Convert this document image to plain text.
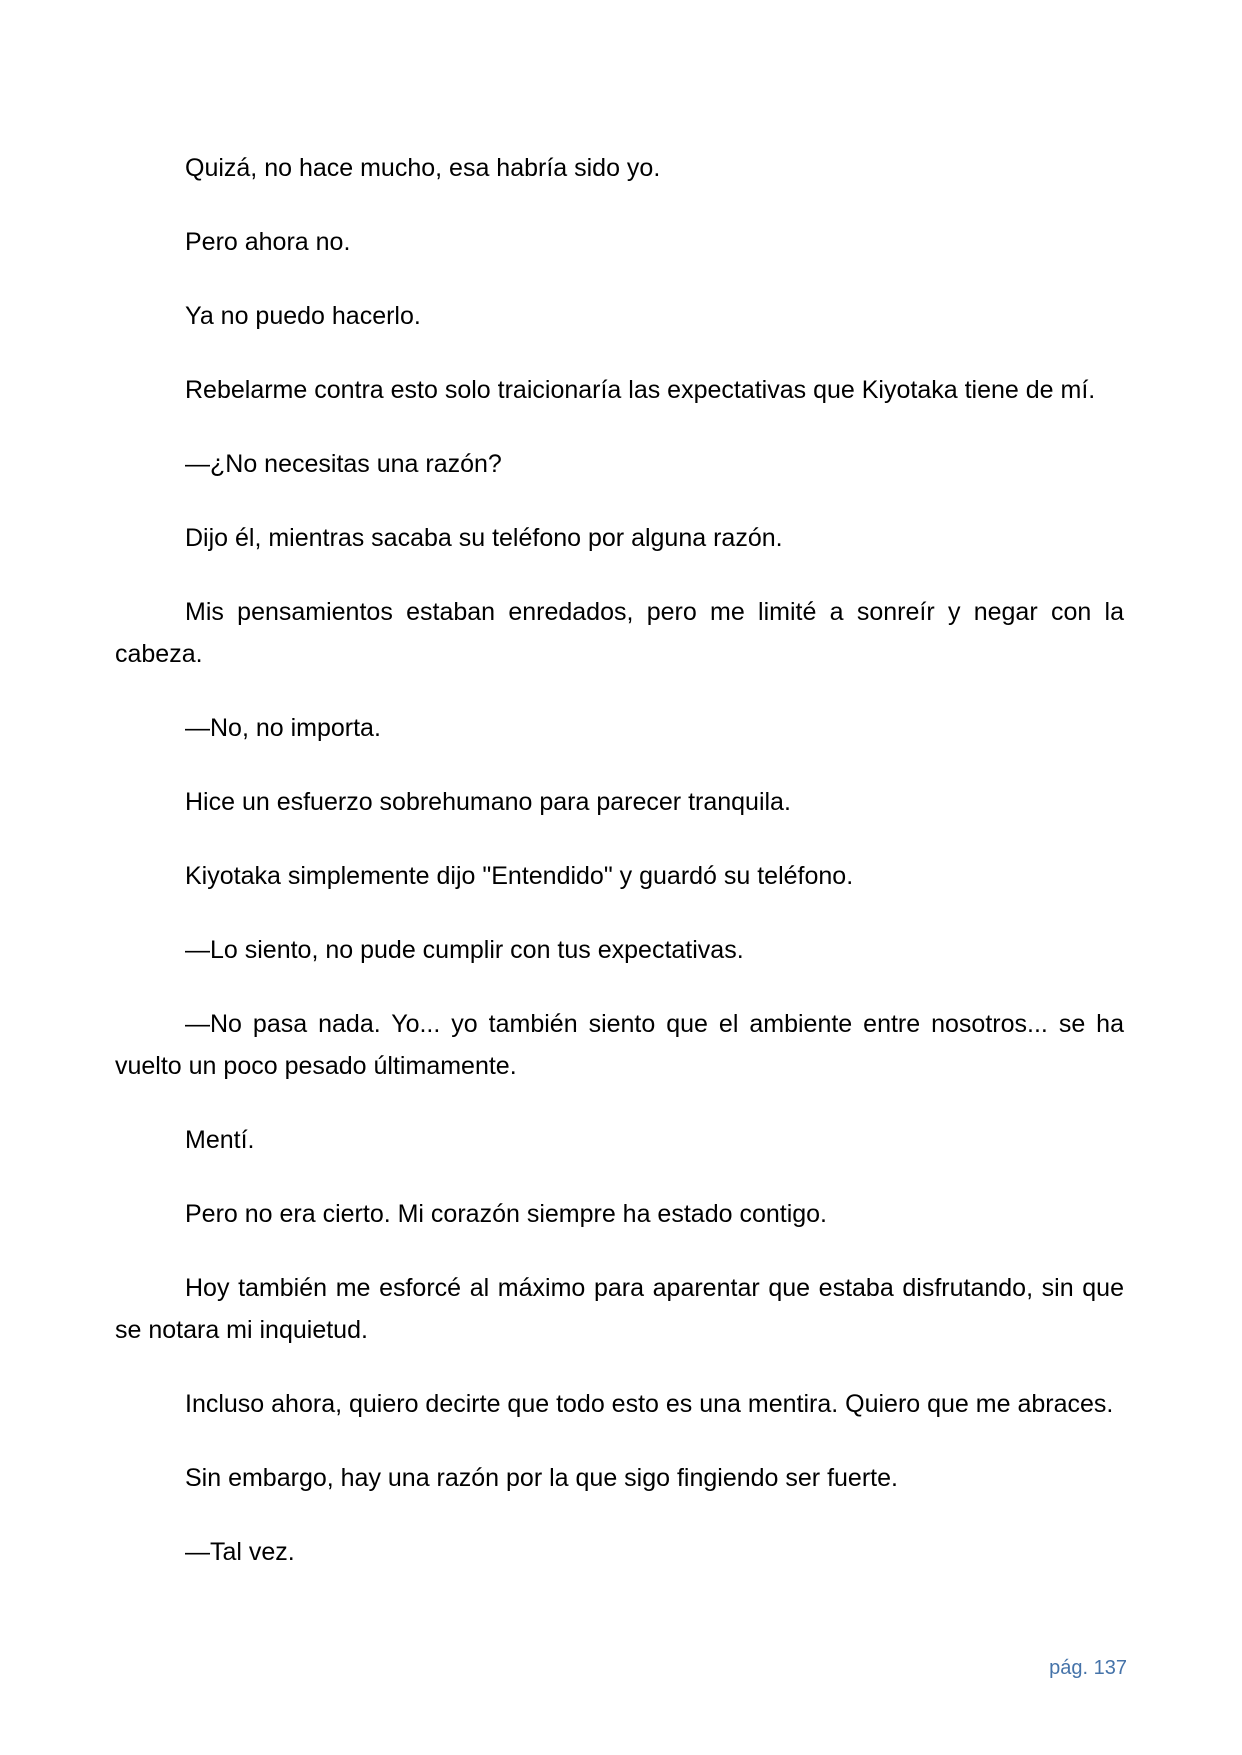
Quizá, no hace mucho, esa habría sido yo.

Pero ahora no.

Ya no puedo hacerlo.

Rebelarme contra esto solo traicionaría las expectativas que Kiyotaka tiene de mí.

—¿No necesitas una razón?

Dijo él, mientras sacaba su teléfono por alguna razón.

Mis pensamientos estaban enredados, pero me limité a sonreír y negar con la cabeza.

—No, no importa.

Hice un esfuerzo sobrehumano para parecer tranquila.

Kiyotaka simplemente dijo "Entendido" y guardó su teléfono.

—Lo siento, no pude cumplir con tus expectativas.

—No pasa nada. Yo... yo también siento que el ambiente entre nosotros... se ha vuelto un poco pesado últimamente.

Mentí.

Pero no era cierto. Mi corazón siempre ha estado contigo.

Hoy también me esforcé al máximo para aparentar que estaba disfrutando, sin que se notara mi inquietud.

Incluso ahora, quiero decirte que todo esto es una mentira. Quiero que me abraces.

Sin embargo, hay una razón por la que sigo fingiendo ser fuerte.

—Tal vez.

pág. 137
